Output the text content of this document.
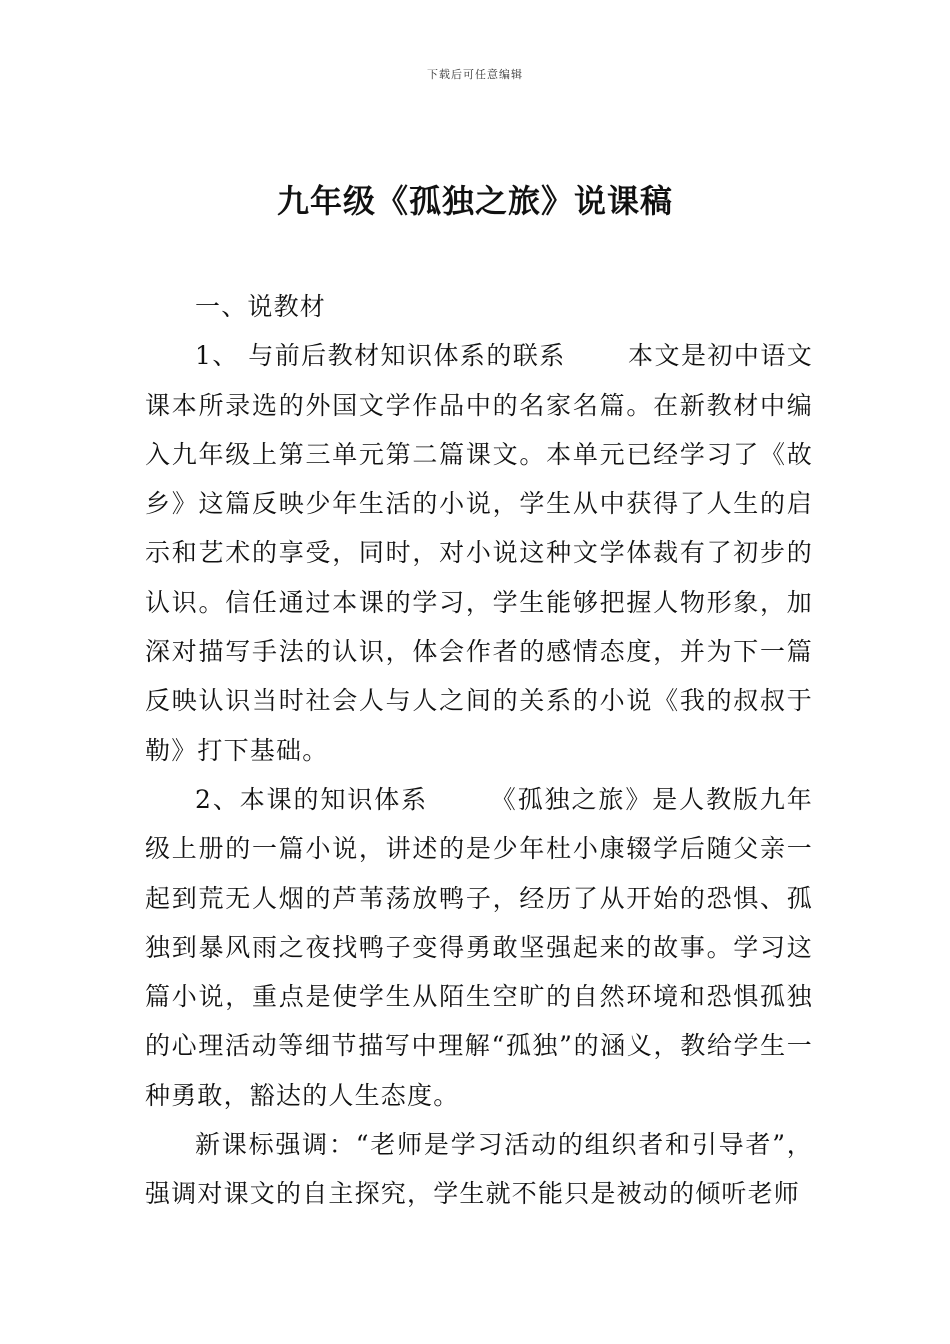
下载后可任意编辑
九年级《孤独之旅》说课稿

一、说教材

1、 与前后教材知识体系的联系 本文是初中语文课本所录选的外国文学作品中的名家名篇。在新教材中编入九年级上第三单元第二篇课文。本单元已经学习了《故乡》这篇反映少年生活的小说，学生从中获得了人生的启示和艺术的享受，同时，对小说这种文学体裁有了初步的认识。信任通过本课的学习，学生能够把握人物形象，加深对描写手法的认识，体会作者的感情态度，并为下一篇反映认识当时社会人与人之间的关系的小说《我的叔叔于勒》打下基础。

2、本课的知识体系 《孤独之旅》是人教版九年级上册的一篇小说，讲述的是少年杜小康辍学后随父亲一起到荒无人烟的芦苇荡放鸭子，经历了从开始的恐惧、孤独到暴风雨之夜找鸭子变得勇敢坚强起来的故事。学习这篇小说，重点是使学生从陌生空旷的自然环境和恐惧孤独的心理活动等细节描写中理解“孤独”的涵义，教给学生一种勇敢，豁达的人生态度。

新课标强调：“老师是学习活动的组织者和引导者”，强调对课文的自主探究，学生就不能只是被动的倾听老师
